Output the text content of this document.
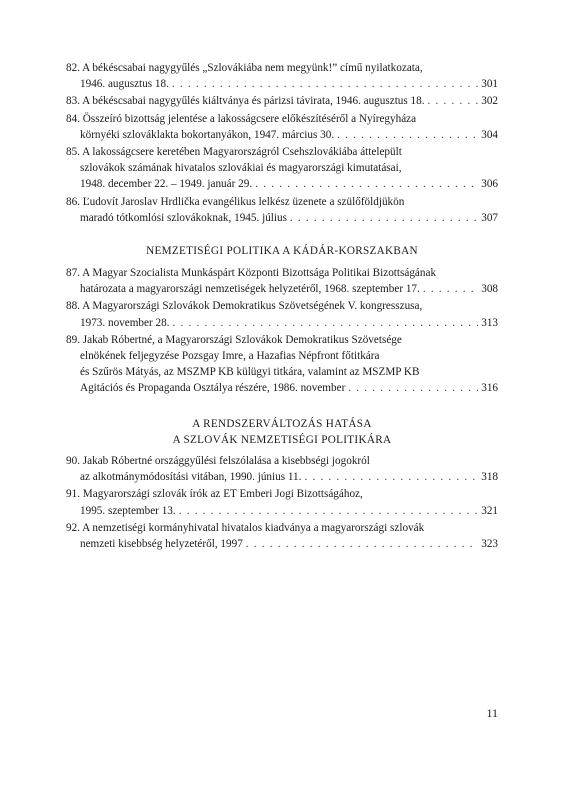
82. A békéscsabai nagygyűlés „Szlovákiába nem megyünk!” című nyilatkozata,
1946. augusztus 18. . . .	301
83. A békéscsabai nagygyűlés kiáltványa és párizsi távirata, 1946. augusztus 18. . . .	302
84. Összeíró bizottság jelentése a lakosságcsere előkészítéséről a Nyíregyháza
környéki szlováklakta bokortanyákon, 1947. március 30. . . .	304
85. A lakosságcsere keretében Magyarországról Csehszlovákiába áttelepült
szlovákok számának hivatalos szlovákiai és magyarországi kimutatásai,
1948. december 22. – 1949. január 29. . . .	306
86. Ľudovít Jaroslav Hrdlička evangélikus lelkész üzenete a szülőföldjükön
maradó tótkomlósi szlovákoknak, 1945. július . . .	307
NEMZETISÉGI POLITIKA A KÁDÁR-KORSZAKBAN
87. A Magyar Szocialista Munkáspárt Központi Bizottsága Politikai Bizottságának
határozata a magyarországi nemzetiségek helyzetéről, 1968. szeptember 17. . . .	308
88. A Magyarországi Szlovákok Demokratikus Szövetségének V. kongresszusa,
1973. november 28. . . .	313
89. Jakab Róbertné, a Magyarországi Szlovákok Demokratikus Szövetsége
elnökének feljegyzése Pozsgay Imre, a Hazafias Népfront főtitkára
és Szűrös Mátyás, az MSZMP KB külügyi titkára, valamint az MSZMP KB
Agitációs és Propaganda Osztálya részére, 1986. november . . .	316
A RENDSZERVÁLTOZÁS HATÁSA
A SZLOVÁK NEMZETISÉGI POLITIKÁRA
90. Jakab Róbertné országgyűlési felszólalása a kisebbségi jogokról
az alkotmánymódosítási vitában, 1990. június 11. . . .	318
91. Magyarországi szlovák írók az ET Emberi Jogi Bizottságához,
1995. szeptember 13. . . .	321
92. A nemzetiségi kormányhivatal hivatalos kiadványa a magyarországi szlovák
nemzeti kisebbség helyzetéről, 1997 . . .	323
11
